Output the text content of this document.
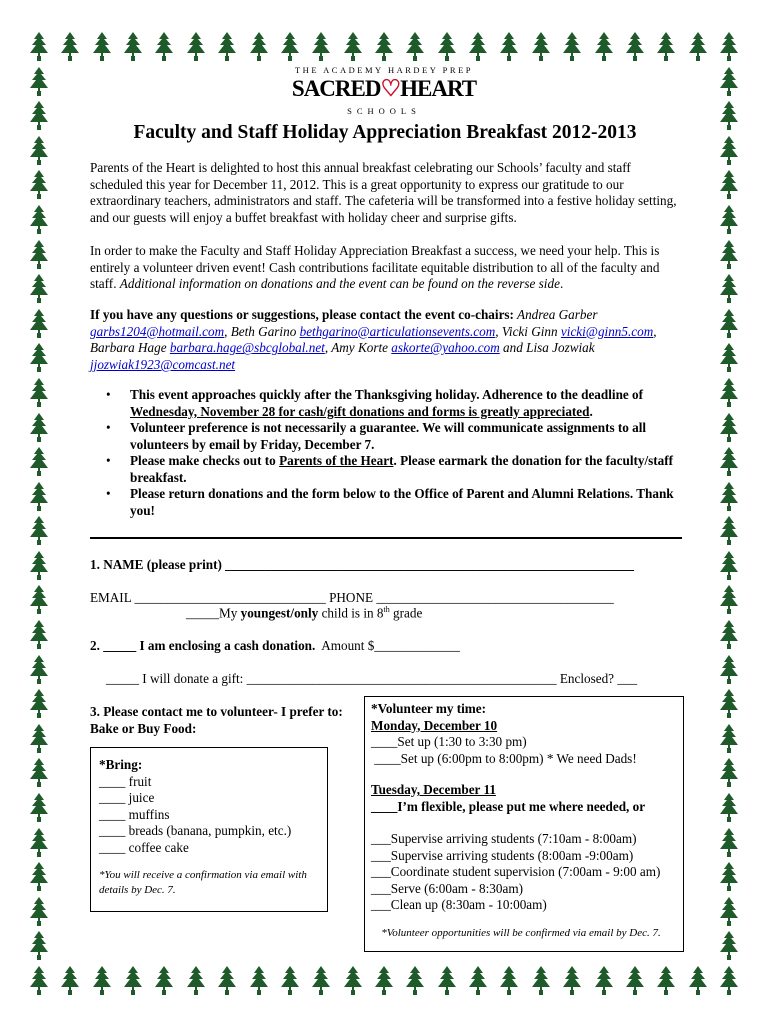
THE ACADEMY HARDEY PREP
SACRED♡HEART
SCHOOLS
Faculty and Staff Holiday Appreciation Breakfast 2012-2013
Parents of the Heart is delighted to host this annual breakfast celebrating our Schools’ faculty and staff scheduled this year for December 11, 2012. This is a great opportunity to express our gratitude to our extraordinary teachers, administrators and staff. The cafeteria will be transformed into a festive holiday setting, and our guests will enjoy a buffet breakfast with holiday cheer and surprise gifts.
In order to make the Faculty and Staff Holiday Appreciation Breakfast a success, we need your help. This is entirely a volunteer driven event! Cash contributions facilitate equitable distribution to all of the faculty and staff. Additional information on donations and the event can be found on the reverse side.
If you have any questions or suggestions, please contact the event co-chairs: Andrea Garber garbs1204@hotmail.com, Beth Garino bethgarino@articulationsevents.com, Vicki Ginn vicki@ginn5.com, Barbara Hage barbara.hage@sbcglobal.net, Amy Korte askorte@yahoo.com and Lisa Jozwiak jjozwiak1923@comcast.net
• This event approaches quickly after the Thanksgiving holiday. Adherence to the deadline of Wednesday, November 28 for cash/gift donations and forms is greatly appreciated.
• Volunteer preference is not necessarily a guarantee. We will communicate assignments to all volunteers by email by Friday, December 7.
• Please make checks out to Parents of the Heart. Please earmark the donation for the faculty/staff breakfast.
• Please return donations and the form below to the Office of Parent and Alumni Relations. Thank you!
1. NAME (please print) ______________________________________________________________
EMAIL _____________________________ PHONE ____________________________________
_____My youngest/only child is in 8th grade
2. _____ I am enclosing a cash donation.  Amount $_____________
_____ I will donate a gift: _______________________________________________ Enclosed? ___
3. Please contact me to volunteer- I prefer to: Bake or Buy Food:
*Bring:
____ fruit
____ juice
____ muffins
____ breads (banana, pumpkin, etc.)
____ coffee cake
*You will receive a confirmation via email with details by Dec. 7.
*Volunteer my time:
Monday, December 10
____Set up (1:30 to 3:30 pm)
____Set up (6:00pm to 8:00pm) * We need Dads!
Tuesday, December 11
____I’m flexible, please put me where needed, or
___Supervise arriving students (7:10am - 8:00am)
___Supervise arriving students (8:00am -9:00am)
___Coordinate student supervision (7:00am - 9:00 am)
___Serve (6:00am - 8:30am)
___Clean up (8:30am - 10:00am)
*Volunteer opportunities will be confirmed via email by Dec. 7.
